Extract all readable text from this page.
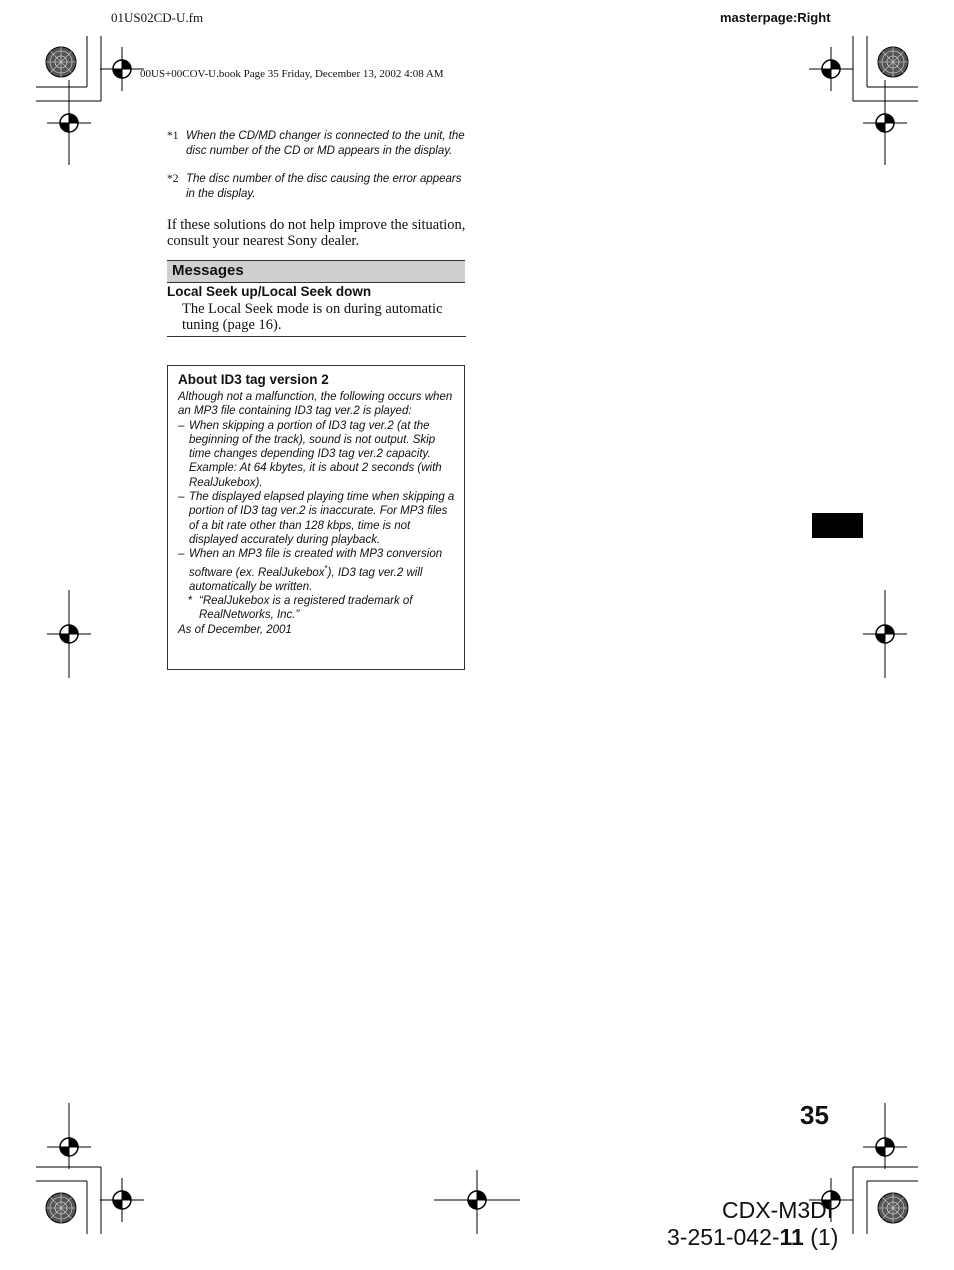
01US02CD-U.fm	masterpage:Right
00US+00COV-U.book Page 35 Friday, December 13, 2002 4:08 AM
*1 When the CD/MD changer is connected to the unit, the disc number of the CD or MD appears in the display.
*2 The disc number of the disc causing the error appears in the display.
If these solutions do not help improve the situation, consult your nearest Sony dealer.
Messages
Local Seek up/Local Seek down
The Local Seek mode is on during automatic tuning (page 16).
About ID3 tag version 2

Although not a malfunction, the following occurs when an MP3 file containing ID3 tag ver.2 is played:

– When skipping a portion of ID3 tag ver.2 (at the beginning of the track), sound is not output. Skip time changes depending ID3 tag ver.2 capacity.
Example: At 64 kbytes, it is about 2 seconds (with RealJukebox).
– The displayed elapsed playing time when skipping a portion of ID3 tag ver.2 is inaccurate. For MP3 files of a bit rate other than 128 kbps, time is not displayed accurately during playback.
– When an MP3 file is created with MP3 conversion software (ex. RealJukebox*), ID3 tag ver.2 will automatically be written.
* “RealJukebox is a registered trademark of RealNetworks, Inc.”

As of December, 2001

35
CDX-M3DI
3-251-042-11 (1)
